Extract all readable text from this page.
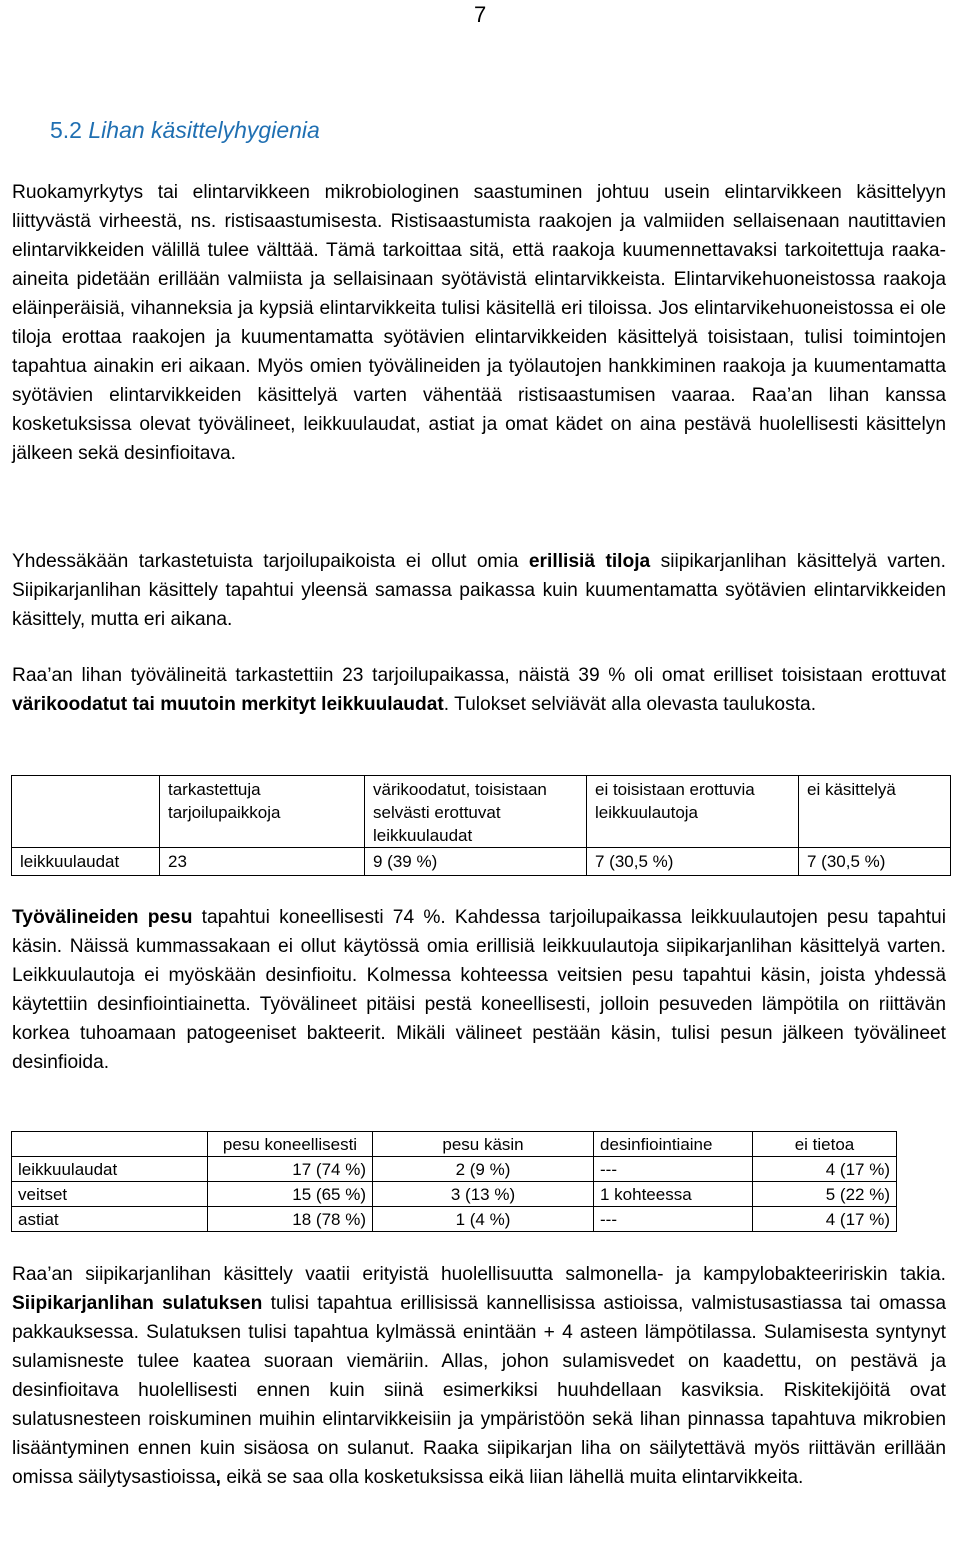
7
5.2 Lihan käsittelyhygienia

Ruokamyrkytys tai elintarvikkeen mikrobiologinen saastuminen johtuu usein elintarvikkeen käsittelyyn liittyvästä virheestä, ns. ristisaastumisesta. Ristisaastumista raakojen ja valmiiden sellaisenaan nautittavien elintarvikkeiden välillä tulee välttää. Tämä tarkoittaa sitä, että raakoja kuumennettavaksi tarkoitettuja raaka-aineita pidetään erillään valmiista ja sellaisinaan syötävistä elintarvikkeista. Elintarvikehuoneistossa raakoja eläinperäisiä, vihanneksia ja kypsiä elintarvikkeita tulisi käsitellä eri tiloissa. Jos elintarvikehuoneistossa ei ole tiloja erottaa raakojen ja kuumentamatta syötävien elintarvikkeiden käsittelyä toisistaan, tulisi toimintojen tapahtua ainakin eri aikaan. Myös omien työvälineiden ja työlautojen hankkiminen raakoja ja kuumentamatta syötävien elintarvikkeiden käsittelyä varten vähentää ristisaastumisen vaaraa. Raa’an lihan kanssa kosketuksissa olevat työvälineet, leikkuulaudat, astiat ja omat kädet on aina pestävä huolellisesti käsittelyn jälkeen sekä desinfioitava.

Yhdessäkään tarkastetuista tarjoilupaikoista ei ollut omia erillisiä tiloja siipikarjanlihan käsittelyä varten. Siipikarjanlihan käsittely tapahtui yleensä samassa paikassa kuin kuumentamatta syötävien elintarvikkeiden käsittely, mutta eri aikana.

Raa’an lihan työvälineitä tarkastettiin 23 tarjoilupaikassa, näistä 39 % oli omat erilliset toisistaan erottuvat värikoodatut tai muutoin merkityt leikkuulaudat. Tulokset selviävät alla olevasta taulukosta.

	tarkastettuja tarjoilupaikkoja	värikoodatut, toisistaan selvästi erottuvat leikkuulaudat	ei toisistaan erottuvia leikkuulautoja	ei käsittelyä
leikkuulaudat	23	9 (39 %)	7 (30,5 %)	7 (30,5 %)

Työvälineiden pesu tapahtui koneellisesti 74 %. Kahdessa tarjoilupaikassa leikkuulautojen pesu tapahtui käsin. Näissä kummassakaan ei ollut käytössä omia erillisiä leikkuulautoja siipikarjanlihan käsittelyä varten. Leikkuulautoja ei myöskään desinfioitu. Kolmessa kohteessa veitsien pesu tapahtui käsin, joista yhdessä käytettiin desinfiointiainetta. Työvälineet pitäisi pestä koneellisesti, jolloin pesuveden lämpötila on riittävän korkea tuhoamaan patogeeniset bakteerit. Mikäli välineet pestään käsin, tulisi pesun jälkeen työvälineet desinfioida.

	pesu koneellisesti	pesu käsin	desinfiointiaine	ei tietoa
leikkuulaudat	17 (74 %)	2 (9 %)	---	4 (17 %)
veitset	15 (65 %)	3 (13 %)	1 kohteessa	5 (22 %)
astiat	18 (78 %)	1 (4 %)	---	4 (17 %)

Raa’an siipikarjanlihan käsittely vaatii erityistä huolellisuutta salmonella- ja kampylobakteeririskin takia. Siipikarjanlihan sulatuksen tulisi tapahtua erillisissä kannellisissa astioissa, valmistusastiassa tai omassa pakkauksessa. Sulatuksen tulisi tapahtua kylmässä enintään + 4 asteen lämpötilassa. Sulamisesta syntynyt sulamisneste tulee kaatea suoraan viemäriin. Allas, johon sulamisvedet on kaadettu, on pestävä ja desinfioitava huolellisesti ennen kuin siinä esimerkiksi huuhdellaan kasviksia. Riskitekijöitä ovat sulatusnesteen roiskuminen muihin elintarvikkeisiin ja ympäristöön sekä lihan pinnassa tapahtuva mikrobien lisääntyminen ennen kuin sisäosa on sulanut. Raaka siipikarjan liha on säilytettävä myös riittävän erillään omissa säilytysastioissa, eikä se saa olla kosketuksissa eikä liian lähellä muita elintarvikkeita.
